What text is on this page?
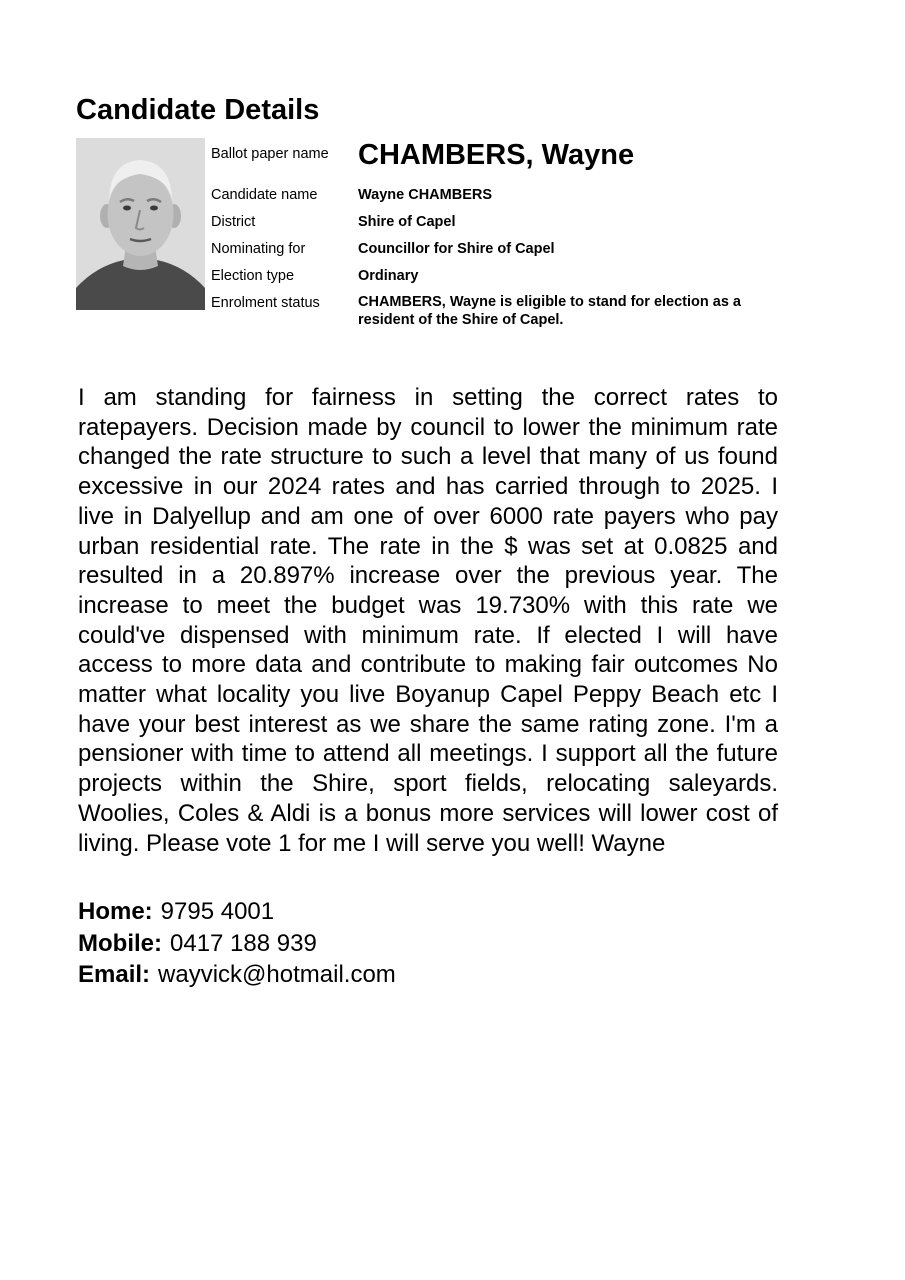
Candidate Details
Ballot paper name CHAMBERS, Wayne
Candidate name	Wayne CHAMBERS
District	Shire of Capel
Nominating for	Councillor for Shire of Capel
Election type	Ordinary
Enrolment status	CHAMBERS, Wayne is eligible to stand for election as a resident of the Shire of Capel.

I am standing for fairness in setting the correct rates to ratepayers. Decision made by council to lower the minimum rate changed the rate structure to such a level that many of us found excessive in our 2024 rates and has carried through to 2025. I live in Dalyellup and am one of over 6000 rate payers who pay urban residential rate. The rate in the $ was set at 0.0825 and resulted in a 20.897% increase over the previous year. The increase to meet the budget was 19.730% with this rate we could've dispensed with minimum rate. If elected I will have access to more data and contribute to making fair outcomes No matter what locality you live Boyanup Capel Peppy Beach etc I have your best interest as we share the same rating zone. I'm a pensioner with time to attend all meetings. I support all the future projects within the Shire, sport fields, relocating saleyards. Woolies, Coles & Aldi is a bonus more services will lower cost of living. Please vote 1 for me I will serve you well! Wayne

Home: 9795 4001
Mobile: 0417 188 939
Email: wayvick@hotmail.com
